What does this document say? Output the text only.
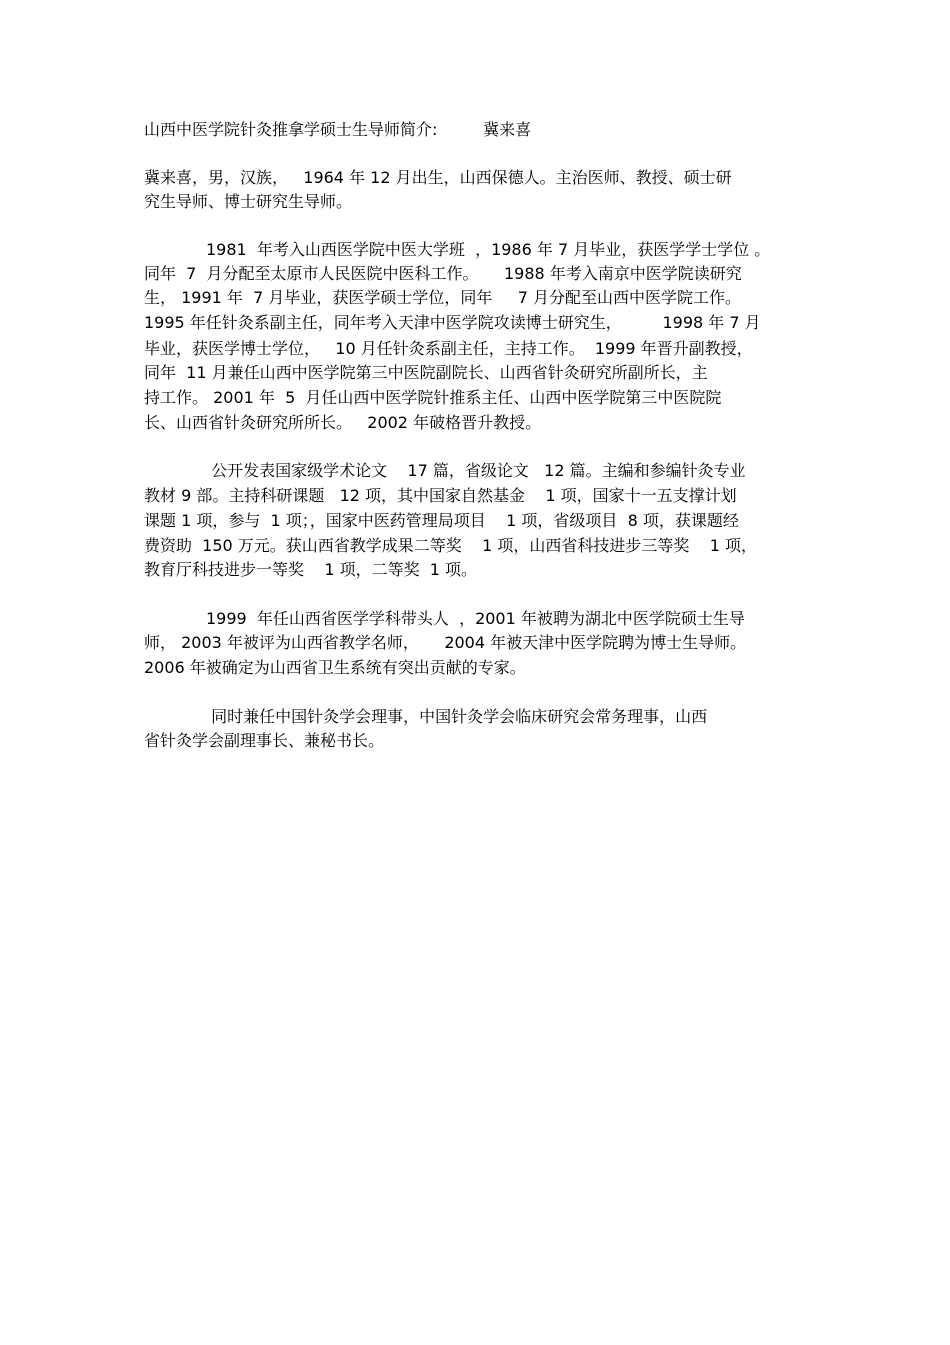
山西中医学院针灸推拿学硕士生导师简介:         冀来喜

冀来喜，男，汉族，   1964 年 12 月出生，山西保德人。主治医师、教授、硕士研

究生导师、博士研究生导师。

1981  年考入山西医学院中医大学班  ，1986 年 7 月毕业，获医学学士学位 。

同年  7  月分配至太原市人民医院中医科工作。     1988 年考入南京中医学院读研究

生， 1991 年  7 月毕业，获医学硕士学位，同年     7 月分配至山西中医学院工作。

1995 年任针灸系副主任，同年考入天津中医学院攻读博士研究生，        1998 年 7 月

毕业，获医学博士学位，   10 月任针灸系副主任，主持工作。  1999 年晋升副教授，

同年  11 月兼任山西中医学院第三中医院副院长、山西省针灸研究所副所长，主

持工作。 2001 年  5  月任山西中医学院针推系主任、山西中医学院第三中医院院

长、山西省针灸研究所所长。   2002 年破格晋升教授。

公开发表国家级学术论文    17 篇，省级论文   12 篇。主编和参编针灸专业

教材 9 部。主持科研课题   12 项，其中国家自然基金    1 项，国家十一五支撑计划

课题 1 项，参与  1 项；，国家中医药管理局项目    1 项，省级项目  8 项，获课题经

费资助  150 万元。获山西省教学成果二等奖    1 项，山西省科技进步三等奖    1 项，

教育厅科技进步一等奖    1 项，二等奖  1 项。

1999  年任山西省医学学科带头人  ，2001 年被聘为湖北中医学院硕士生导

师， 2003 年被评为山西省教学名师，     2004 年被天津中医学院聘为博士生导师。

2006 年被确定为山西省卫生系统有突出贡献的专家。

同时兼任中国针灸学会理事，中国针灸学会临床研究会常务理事，山西

省针灸学会副理事长、兼秘书长。
